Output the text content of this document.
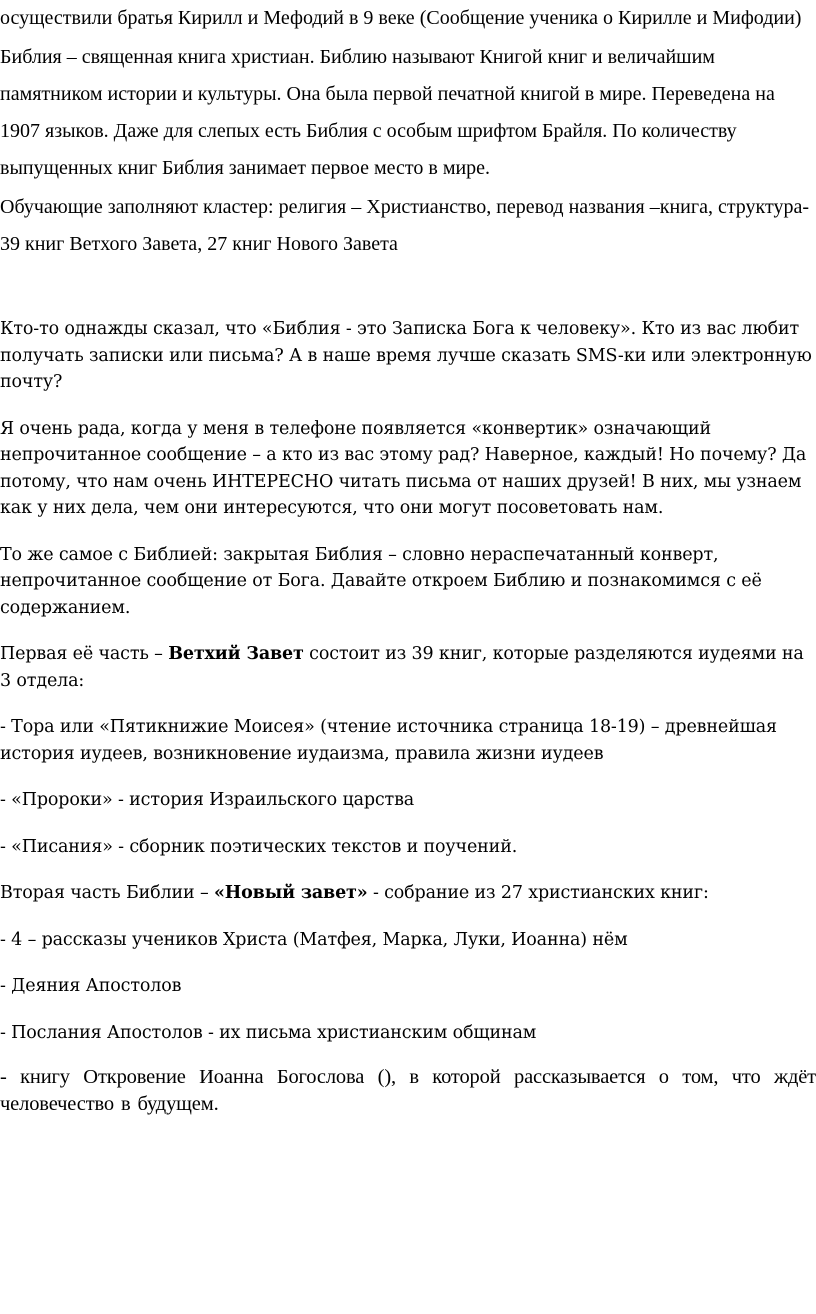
осуществили братья Кирилл и Мефодий в 9 веке (Сообщение ученика о Кирилле и Мифодии)

Библия – священная книга христиан. Библию называют Книгой книг и величайшим памятником истории и культуры. Она была первой печатной книгой в мире. Переведена на 1907 языков. Даже для слепых есть Библия с особым шрифтом Брайля. По количеству выпущенных книг Библия занимает первое место в мире.

Обучающие заполняют кластер: религия – Христианство, перевод названия –книга, структура- 39 книг Ветхого Завета, 27 книг Нового Завета

Кто-то однажды сказал, что «Библия - это Записка Бога к человеку». Кто из вас любит получать записки или письма? А в наше время лучше сказать SMS-ки или электронную почту?

Я очень рада, когда у меня в телефоне появляется «конвертик» означающий непрочитанное сообщение – а кто из вас этому рад? Наверное, каждый! Но почему? Да потому, что нам очень ИНТЕРЕСНО читать письма от наших друзей! В них, мы узнаем как у них дела, чем они интересуются, что они могут посоветовать нам.

То же самое с Библией: закрытая Библия – словно нераспечатанный конверт, непрочитанное сообщение от Бога. Давайте откроем Библию и познакомимся с её содержанием.

Первая её часть – Ветхий Завет состоит из 39 книг, которые разделяются иудеями на 3 отдела:

- Тора или «Пятикнижие Моисея» (чтение источника страница 18-19) – древнейшая история иудеев, возникновение иудаизма, правила жизни иудеев

- «Пророки» - история Израильского царства

- «Писания» - сборник поэтических текстов и поучений.

Вторая часть Библии – «Новый завет» - собрание из 27 христианских книг:

- 4 – рассказы учеников Христа (Матфея, Марка, Луки, Иоанна) нём

- Деяния Апостолов

- Послания Апостолов - их письма христианским общинам

- книгу Откровение Иоанна Богослова (), в которой рассказывается о том, что ждёт человечество в будущем.
